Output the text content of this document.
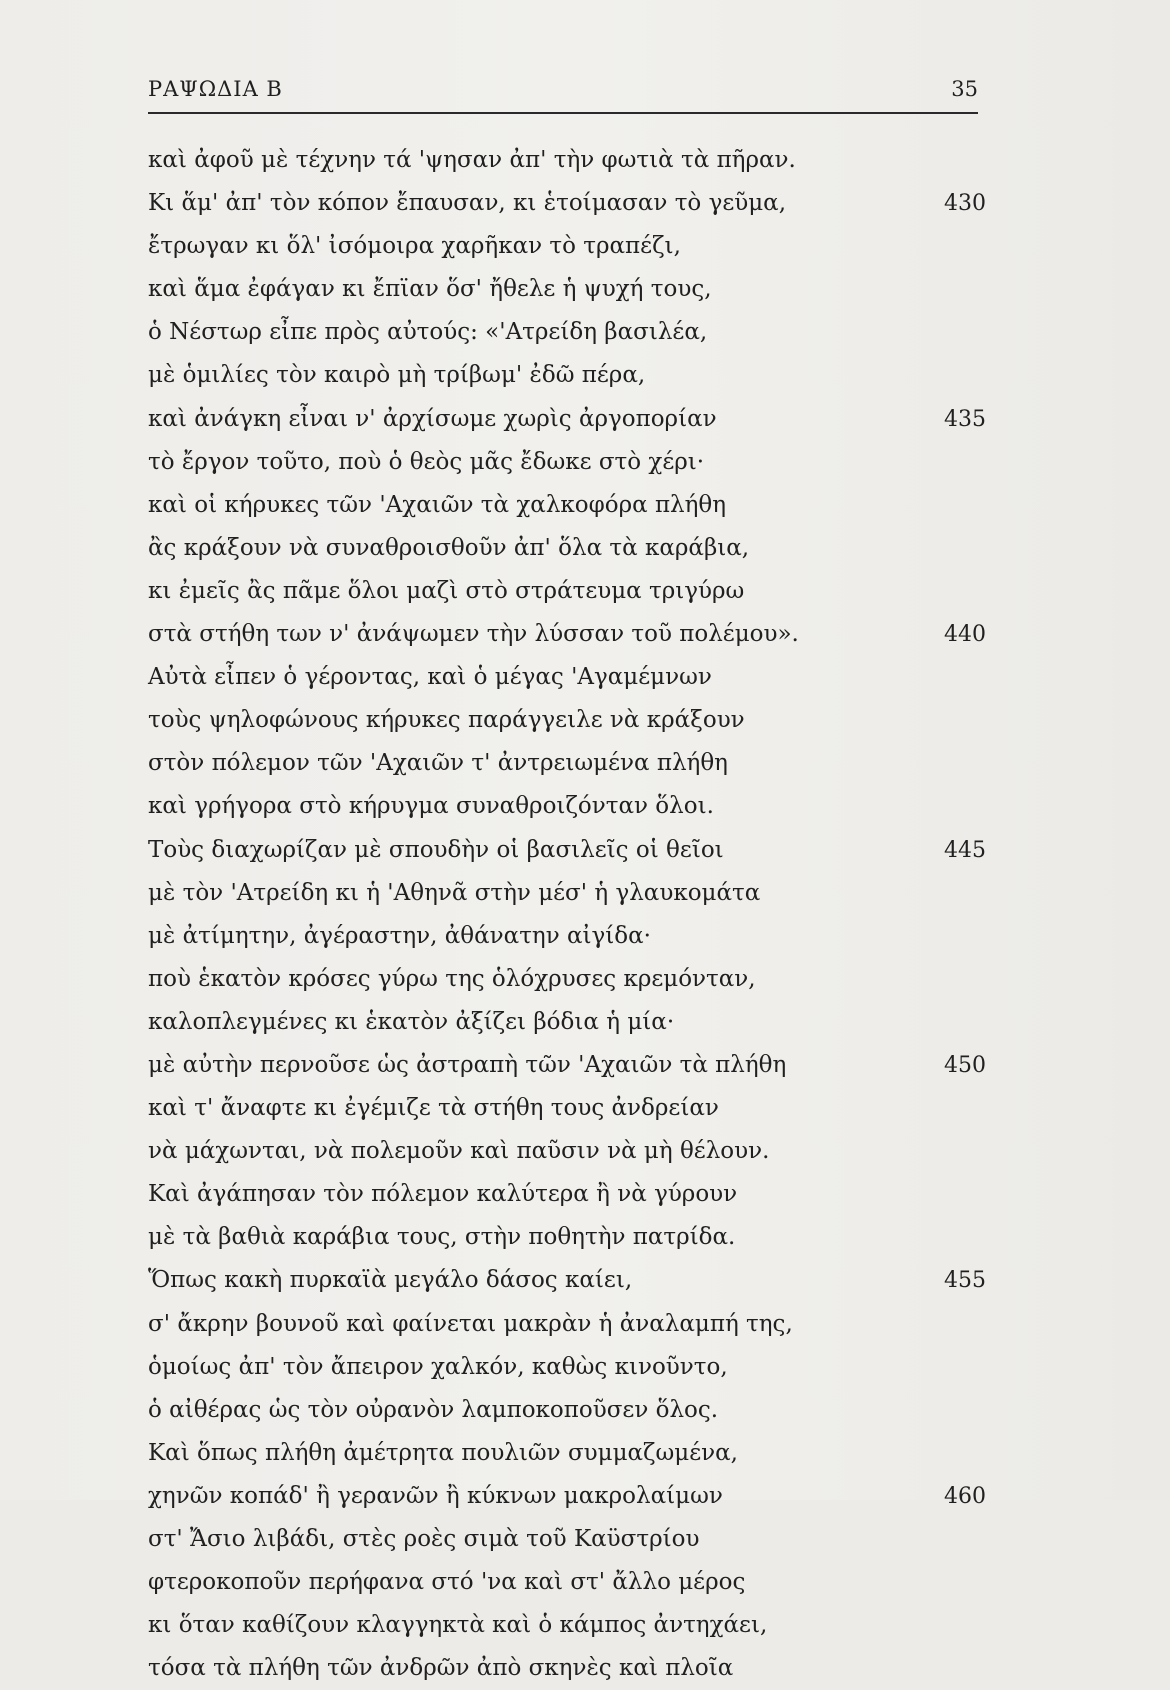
ΡΑΨΩΔΙΑ Β	35
καὶ ἀφοῦ μὲ τέχνην τά 'ψησαν ἀπ' τὴν φωτιὰ τὰ πῆραν.
Κι ἅμ' ἀπ' τὸν κόπον ἔπαυσαν, κι ἑτοίμασαν τὸ γεῦμα,	430
ἔτρωγαν κι ὅλ' ἰσόμοιρα χαρῆκαν τὸ τραπέζι,
καὶ ἅμα ἐφάγαν κι ἔπϊαν ὅσ' ἤθελε ἡ ψυχή τους,
ὁ Νέστωρ εἶπε πρὸς αὐτούς: «'Ατρείδη βασιλέα,
μὲ ὁμιλίες τὸν καιρὸ μὴ τρίβωμ' ἐδῶ πέρα,
καὶ ἀνάγκη εἶναι ν' ἀρχίσωμε χωρὶς ἀργοπορίαν	435
τὸ ἔργον τοῦτο, ποὺ ὁ θεὸς μᾶς ἔδωκε στὸ χέρι·
καὶ οἱ κήρυκες τῶν 'Αχαιῶν τὰ χαλκοφόρα πλήθη
ἂς κράξουν νὰ συναθροισθοῦν ἀπ' ὅλα τὰ καράβια,
κι ἐμεῖς ἂς πᾶμε ὅλοι μαζὶ στὸ στράτευμα τριγύρω
στὰ στήθη των ν' ἀνάψωμεν τὴν λύσσαν τοῦ πολέμου».	440
Αὐτὰ εἶπεν ὁ γέροντας, καὶ ὁ μέγας 'Αγαμέμνων
τοὺς ψηλοφώνους κήρυκες παράγγειλε νὰ κράξουν
στὸν πόλεμον τῶν 'Αχαιῶν τ' ἀντρειωμένα πλήθη
καὶ γρήγορα στὸ κήρυγμα συναθροιζόνταν ὅλοι.
Τοὺς διαχωρίζαν μὲ σπουδὴν οἱ βασιλεῖς οἱ θεῖοι	445
μὲ τὸν 'Ατρείδη κι ἡ 'Αθηνᾶ στὴν μέσ' ἡ γλαυκομάτα
μὲ ἀτίμητην, ἀγέραστην, ἀθάνατην αἰγίδα·
ποὺ ἑκατὸν κρόσες γύρω της ὁλόχρυσες κρεμόνταν,
καλοπλεγμένες κι ἑκατὸν ἀξίζει βόδια ἡ μία·
μὲ αὐτὴν περνοῦσε ὡς ἀστραπὴ τῶν 'Αχαιῶν τὰ πλήθη	450
καὶ τ' ἄναφτε κι ἐγέμιζε τὰ στήθη τους ἀνδρείαν
νὰ μάχωνται, νὰ πολεμοῦν καὶ παῦσιν νὰ μὴ θέλουν.
Καὶ ἀγάπησαν τὸν πόλεμον καλύτερα ἢ νὰ γύρουν
μὲ τὰ βαθιὰ καράβια τους, στὴν ποθητὴν πατρίδα.
Ὅπως κακὴ πυρκαϊὰ μεγάλο δάσος καίει,	455
σ' ἄκρην βουνοῦ καὶ φαίνεται μακρὰν ἡ ἀναλαμπή της,
ὁμοίως ἀπ' τὸν ἄπειρον χαλκόν, καθὼς κινοῦντο,
ὁ αἰθέρας ὡς τὸν οὐρανὸν λαμποκοποῦσεν ὅλος.
Καὶ ὅπως πλήθη ἀμέτρητα πουλιῶν συμμαζωμένα,
χηνῶν κοπάδ' ἢ γερανῶν ἢ κύκνων μακρολαίμων	460
στ' Ἄσιο λιβάδι, στὲς ροὲς σιμὰ τοῦ Καϋστρίου
φτεροκοποῦν περήφανα στό 'να καὶ στ' ἄλλο μέρος
κι ὅταν καθίζουν κλαγγηκτὰ καὶ ὁ κάμπος ἀντηχάει,
τόσα τὰ πλήθη τῶν ἀνδρῶν ἀπὸ σκηνὲς καὶ πλοῖα
